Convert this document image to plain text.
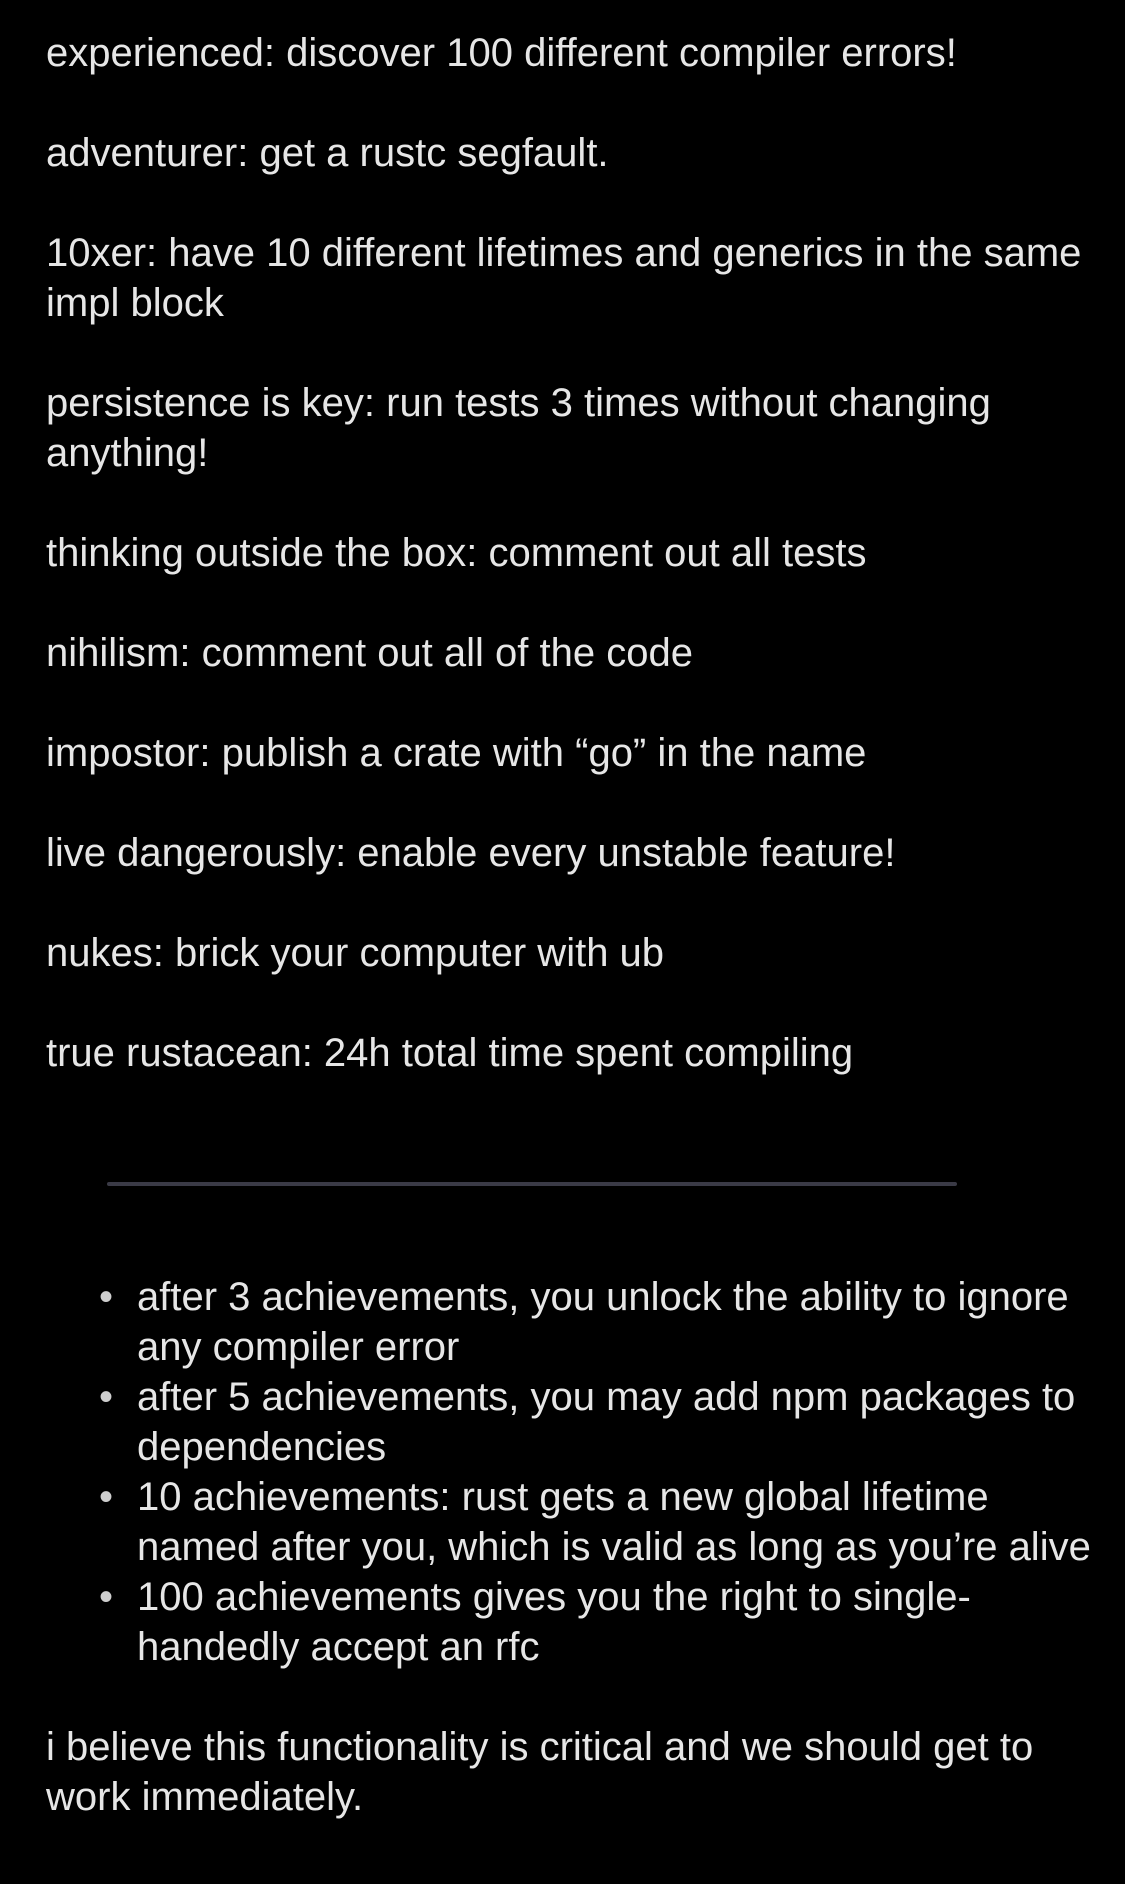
experienced: discover 100 different compiler errors!

adventurer: get a rustc segfault.

10xer: have 10 different lifetimes and generics in the same impl block

persistence is key: run tests 3 times without changing anything!

thinking outside the box: comment out all tests

nihilism: comment out all of the code

impostor: publish a crate with “go” in the name

live dangerously: enable every unstable feature!

nukes: brick your computer with ub

true rustacean: 24h total time spent compiling

• after 3 achievements, you unlock the ability to ignore any compiler error
• after 5 achievements, you may add npm packages to dependencies
• 10 achievements: rust gets a new global lifetime named after you, which is valid as long as you’re alive
• 100 achievements gives you the right to single-handedly accept an rfc

i believe this functionality is critical and we should get to work immediately.
